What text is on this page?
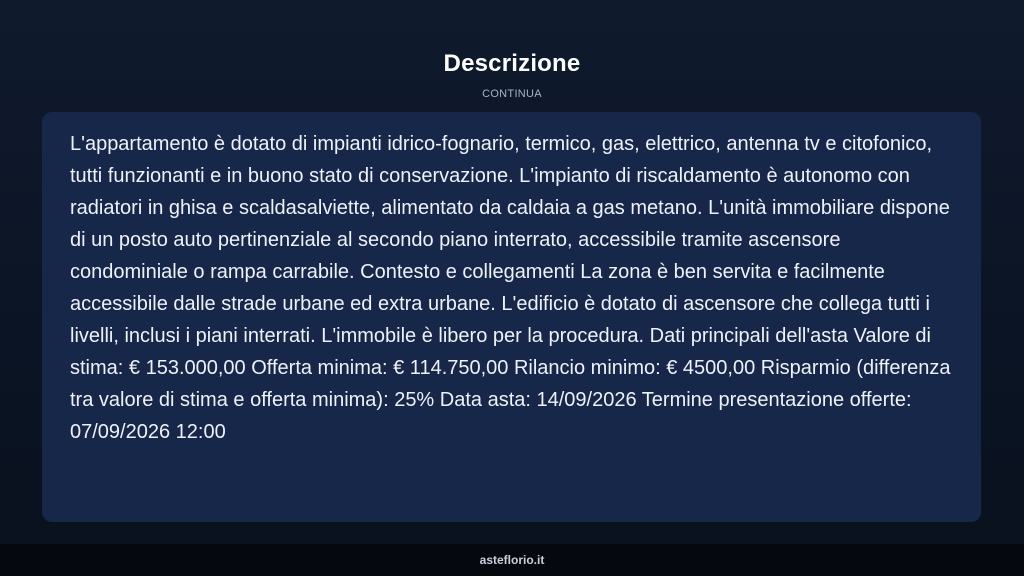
Descrizione
CONTINUA

L'appartamento è dotato di impianti idrico-fognario, termico, gas, elettrico, antenna tv e citofonico, tutti funzionanti e in buono stato di conservazione. L'impianto di riscaldamento è autonomo con radiatori in ghisa e scaldasalviette, alimentato da caldaia a gas metano. L'unità immobiliare dispone di un posto auto pertinenziale al secondo piano interrato, accessibile tramite ascensore condominiale o rampa carrabile. Contesto e collegamenti La zona è ben servita e facilmente accessibile dalle strade urbane ed extra urbane. L'edificio è dotato di ascensore che collega tutti i livelli, inclusi i piani interrati. L'immobile è libero per la procedura. Dati principali dell'asta Valore di stima: € 153.000,00 Offerta minima: € 114.750,00 Rilancio minimo: € 4500,00 Risparmio (differenza tra valore di stima e offerta minima): 25% Data asta: 14/09/2026 Termine presentazione offerte: 07/09/2026 12:00

asteflorio.it
